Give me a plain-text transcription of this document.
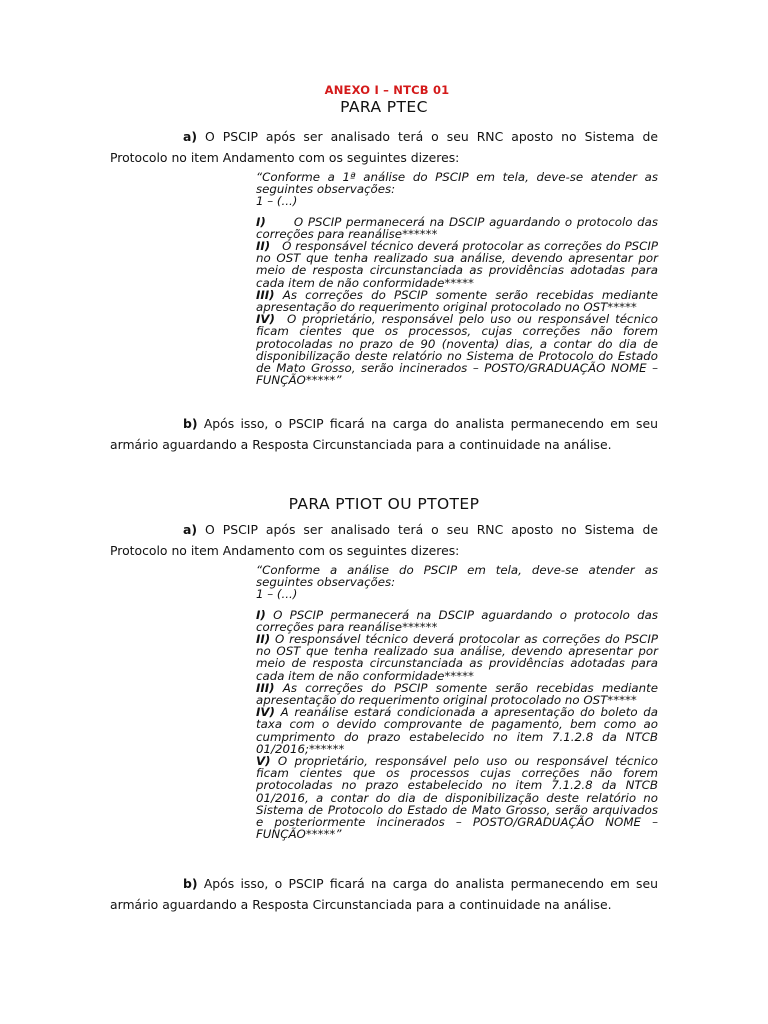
ANEXO I – NTCB 01
PARA PTEC

a) O PSCIP após ser analisado terá o seu RNC aposto no Sistema de Protocolo no item Andamento com os seguintes dizeres:

“Conforme a 1ª análise do PSCIP em tela, deve-se atender as seguintes observações:
1 – (...)
I) O PSCIP permanecerá na DSCIP aguardando o protocolo das correções para reanálise******
II) O responsável técnico deverá protocolar as correções do PSCIP no OST que tenha realizado sua análise, devendo apresentar por meio de resposta circunstanciada as providências adotadas para cada item de não conformidade*****
III) As correções do PSCIP somente serão recebidas mediante apresentação do requerimento original protocolado no OST*****
IV) O proprietário, responsável pelo uso ou responsável técnico ficam cientes que os processos, cujas correções não forem protocoladas no prazo de 90 (noventa) dias, a contar do dia de disponibilização deste relatório no Sistema de Protocolo do Estado de Mato Grosso, serão incinerados – POSTO/GRADUAÇÃO NOME – FUNÇÃO*****”

b) Após isso, o PSCIP ficará na carga do analista permanecendo em seu armário aguardando a Resposta Circunstanciada para a continuidade na análise.

PARA PTIOT OU PTOTEP

a) O PSCIP após ser analisado terá o seu RNC aposto no Sistema de Protocolo no item Andamento com os seguintes dizeres:

“Conforme a análise do PSCIP em tela, deve-se atender as seguintes observações:
1 – (...)
I) O PSCIP permanecerá na DSCIP aguardando o protocolo das correções para reanálise******
II) O responsável técnico deverá protocolar as correções do PSCIP no OST que tenha realizado sua análise, devendo apresentar por meio de resposta circunstanciada as providências adotadas para cada item de não conformidade*****
III) As correções do PSCIP somente serão recebidas mediante apresentação do requerimento original protocolado no OST*****
IV) A reanálise estará condicionada a apresentação do boleto da taxa com o devido comprovante de pagamento, bem como ao cumprimento do prazo estabelecido no item 7.1.2.8 da NTCB 01/2016;******
V) O proprietário, responsável pelo uso ou responsável técnico ficam cientes que os processos cujas correções não forem protocoladas no prazo estabelecido no item 7.1.2.8 da NTCB 01/2016, a contar do dia de disponibilização deste relatório no Sistema de Protocolo do Estado de Mato Grosso, serão arquivados e posteriormente incinerados – POSTO/GRADUAÇÃO NOME – FUNÇÃO*****”

b) Após isso, o PSCIP ficará na carga do analista permanecendo em seu armário aguardando a Resposta Circunstanciada para a continuidade na análise.
